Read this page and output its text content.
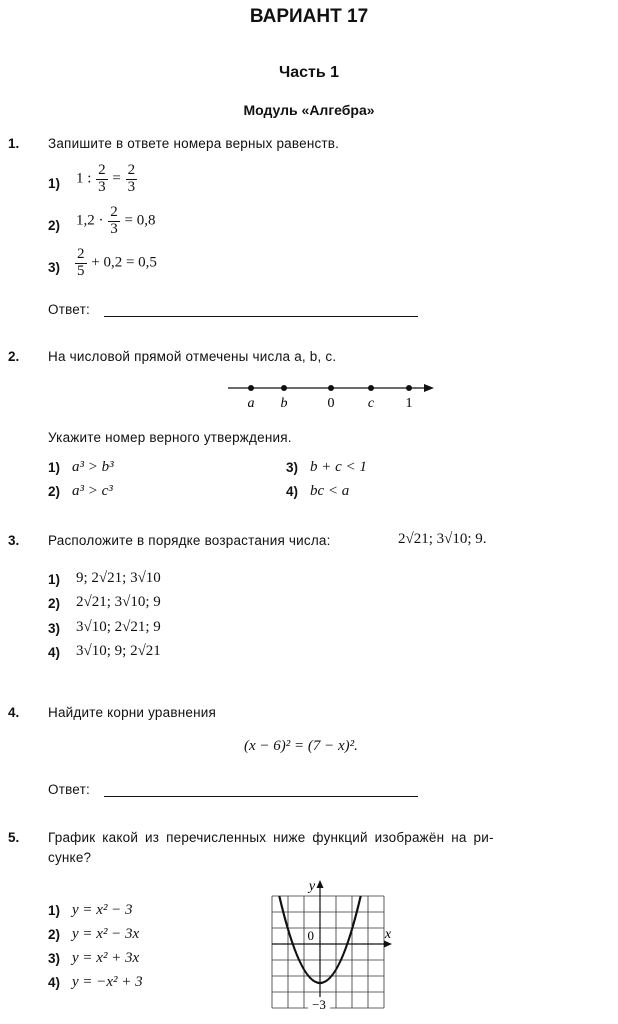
ВАРИАНТ 17
Часть 1
Модуль «Алгебра»
1. Запишите в ответе номера верных равенств.
1) 1 : $\frac{2}{3} = \frac{2}{3}$
2) $1,2 \cdot \frac{2}{3} = 0,8$
$3) \frac{2}{5} + 0,2 = 0,5$
Ответ:
2. На числовой прямой отмечены числа a, b, c.
a b	0 c 1
Укажите номер верного утверждения.
1) a³ > b³
2) a³ > c³
3) b + c < 1
4) bc < a
3. Расположите в порядке возрастания числа:	2√21; 3√10; 9.
1) 9; 2√21; 3√10
2) 2√21; 3√10; 9
3) 3√10; 2√21; 9
4) 3√10; 9; 2√21
4. Найдите корни уравнения
(x − 6)² = (7 − x)².
Ответ:
5. График какой из перечисленных ниже функций изображён на ри-
сунке?
1) y = x² − 3
2) y = x² − 3x
3) y = x² + 3x
4) y = −x² + 3
y
x
0
−3
